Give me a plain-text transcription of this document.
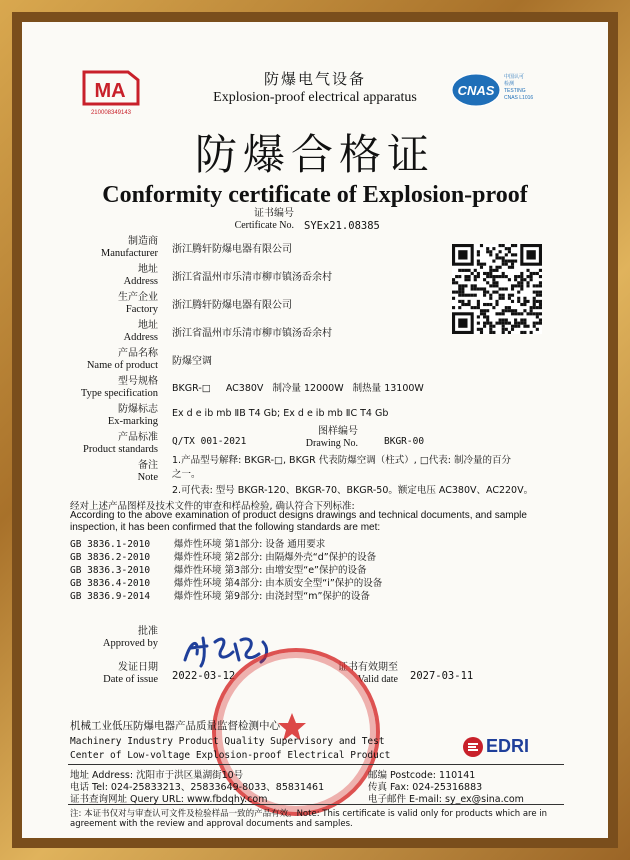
MA
210008349143
CNAS
中国认可
检测
TESTING
CNAS L1016
防爆电气设备
Explosion-proof electrical apparatus
防爆合格证
Conformity certificate of Explosion-proof
证书编号
Certificate No. SYEx21.08385
制造商
Manufacturer 浙江腾轩防爆电器有限公司
地址
Address 浙江省温州市乐清市柳市镇汤岙余村
生产企业
Factory 浙江腾轩防爆电器有限公司
地址
Address 浙江省温州市乐清市柳市镇汤岙余村
产品名称
Name of product 防爆空调
型号规格
Type specification BKGR-□     AC380V   制冷量 12000W   制热量 13100W
防爆标志
Ex-marking
Ex d e ib mb ⅡB T4 Gb; Ex d e ib mb ⅡC T4 Gb
产品标准
Product standards
Q/TX 001-2021
图样编号
Drawing No.	BKGR-00
备注
Note
1.产品型号解释: BKGR-□, BKGR 代表防爆空调（柱式）, □代表: 制冷量的百分
之一。
2.可代表: 型号 BKGR-120、BKGR-70、BKGR-50。额定电压 AC380V、AC220V。
经对上述产品图样及技术文件的审查和样品检验, 确认符合下列标准:
According to the above examination of product designs drawings and technical documents, and sample
inspection, it has been confirmed that the following standards are met:
GB 3836.1-2010	爆炸性环境 第1部分: 设备 通用要求
GB 3836.2-2010	爆炸性环境 第2部分: 由隔爆外壳“d”保护的设备
GB 3836.3-2010	爆炸性环境 第3部分: 由增安型“e”保护的设备
GB 3836.4-2010	爆炸性环境 第4部分: 由本质安全型“i”保护的设备
GB 3836.9-2014	爆炸性环境 第9部分: 由浇封型“m”保护的设备
批准
Approved by
发证日期
Date of issue 2022-03-12
证书有效期至
Valid date 2027-03-11
机械工业低压防爆电器产品质量监督检测中心
Machinery Industry Product Quality Supervisory and Test
Center of Low-voltage Explosion-proof Electrical Product	EDRI
地址 Address: 沈阳市于洪区巢湖街10号
电话 Tel: 024-25833213、25833649-8033、85831461
证书查询网址 Query URL: www.fbdqhy.com
邮编 Postcode: 110141
传真 Fax: 024-25316883
电子邮件 E-mail: sy_ex@sina.com
注: 本证书仅对与审查认可文件及检验样品一致的产品有效。Note: This certificate is valid only for products which are in
agreement with the review and approval documents and samples.
